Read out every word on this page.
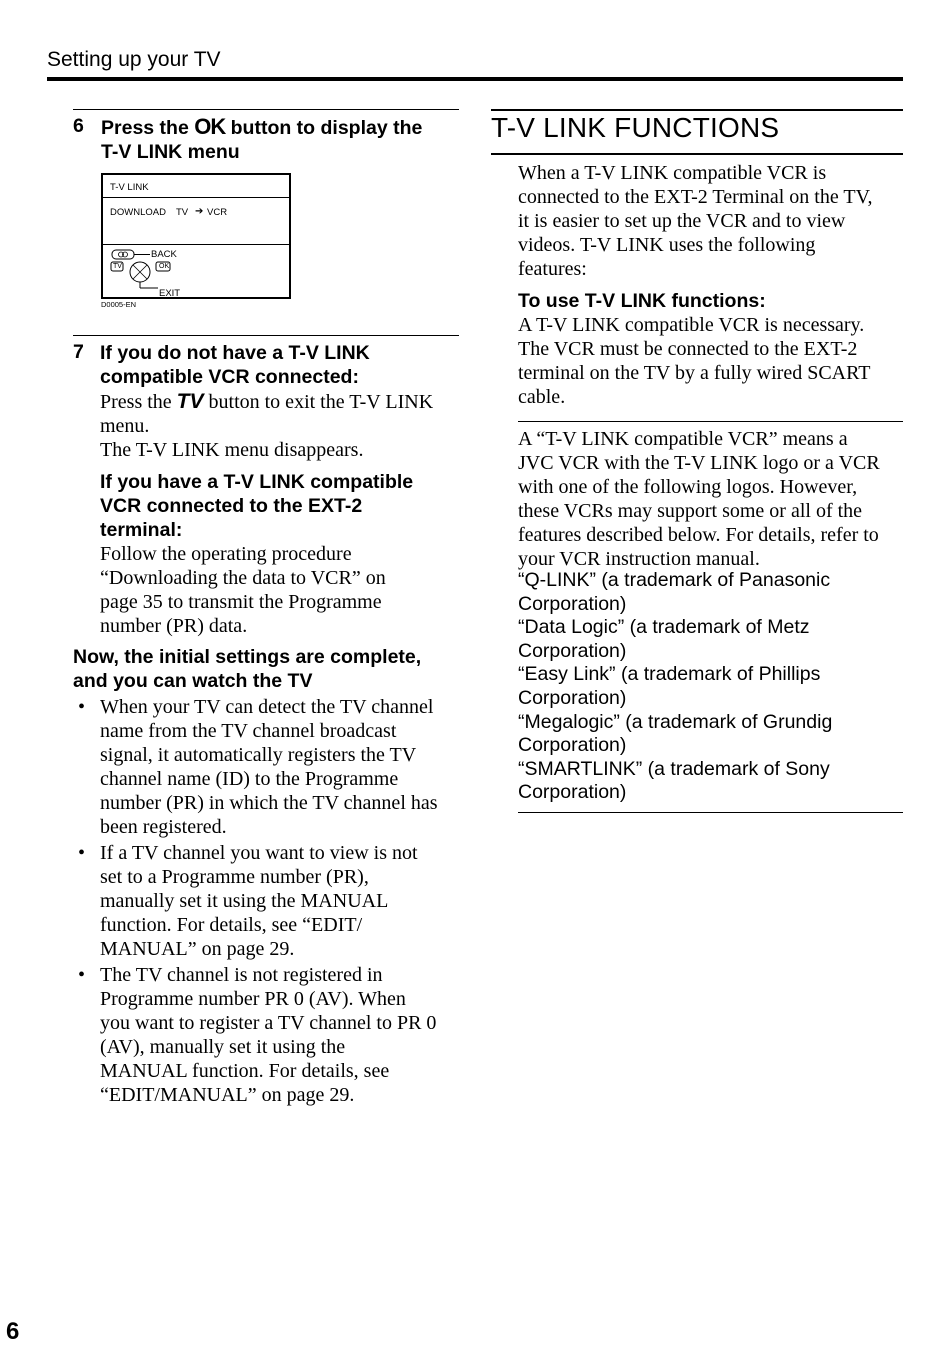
Setting up your TV
6 Press the OK button to display the
T-V LINK menu
T-V LINK
DOWNLOAD TV ➔ VCR
BACK
TV	OK
EXIT
D0005-EN
7 If you do not have a T-V LINK
compatible VCR connected:
Press the TV button to exit the T-V LINK
menu.
The T-V LINK menu disappears.
If you have a T-V LINK compatible
VCR connected to the EXT-2
terminal:
Follow the operating procedure
“Downloading the data to VCR” on
page 35 to transmit the Programme
number (PR) data.
Now, the initial settings are complete,
and you can watch the TV
• When your TV can detect the TV channel
name from the TV channel broadcast
signal, it automatically registers the TV
channel name (ID) to the Programme
number (PR) in which the TV channel has
been registered.
• If a TV channel you want to view is not
set to a Programme number (PR),
manually set it using the MANUAL
function. For details, see “EDIT/
MANUAL” on page 29.
• The TV channel is not registered in
Programme number PR 0 (AV). When
you want to register a TV channel to PR 0
(AV), manually set it using the
MANUAL function. For details, see
“EDIT/MANUAL” on page 29.
T-V LINK FUNCTIONS
When a T-V LINK compatible VCR is
connected to the EXT-2 Terminal on the TV,
it is easier to set up the VCR and to view
videos. T-V LINK uses the following
features:
To use T-V LINK functions:
A T-V LINK compatible VCR is necessary.
The VCR must be connected to the EXT-2
terminal on the TV by a fully wired SCART
cable.
A “T-V LINK compatible VCR” means a
JVC VCR with the T-V LINK logo or a VCR
with one of the following logos. However,
these VCRs may support some or all of the
features described below. For details, refer to
your VCR instruction manual.
“Q-LINK” (a trademark of Panasonic
Corporation)
“Data Logic” (a trademark of Metz
Corporation)
“Easy Link” (a trademark of Phillips
Corporation)
“Megalogic” (a trademark of Grundig
Corporation)
“SMARTLINK” (a trademark of Sony
Corporation)
6
